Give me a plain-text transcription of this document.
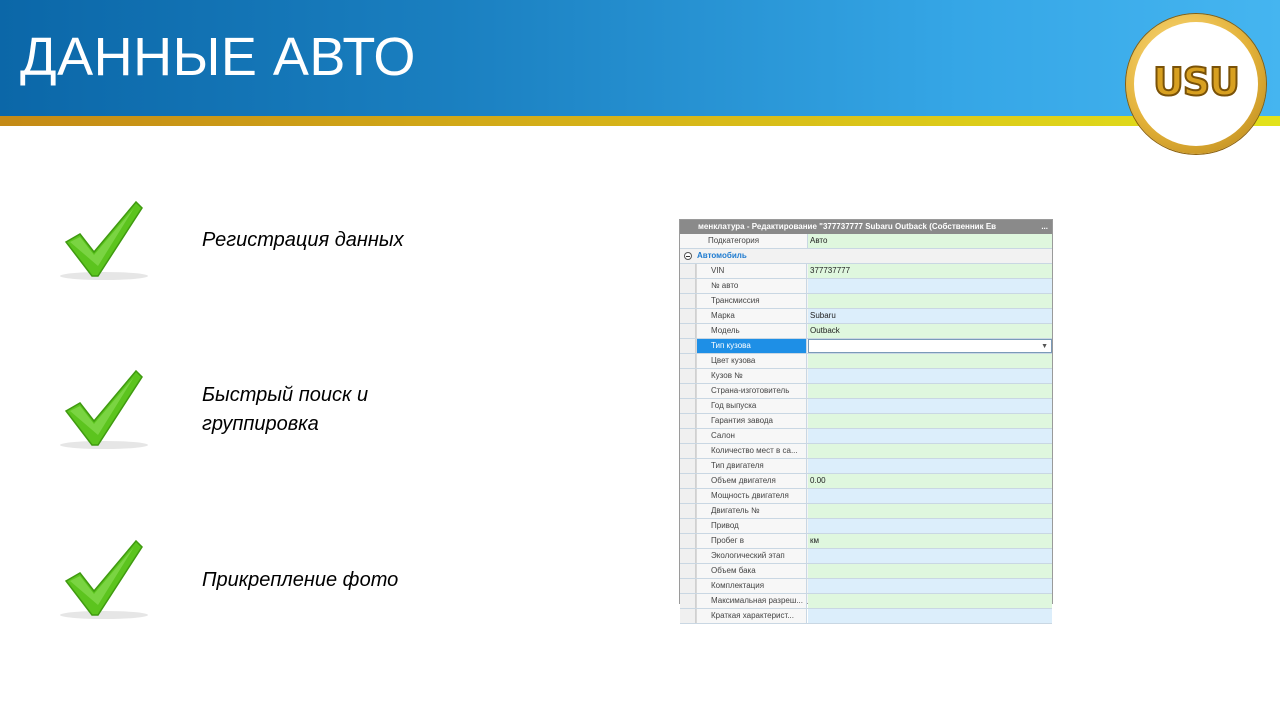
ДАННЫЕ АВТО	USU
Регистрация данных
Быстрый поиск и группировка
Прикрепление фото
менклатура - Редактирование "377737777 Subaru Outback (Собственник Ев	...
Подкатегория	Авто
Автомобиль
VIN	377737777
№ авто
Трансмиссия
Марка	Subaru
Модель	Outback
Тип кузова	▼
Цвет кузова
Кузов №
Страна-изготовитель
Год выпуска
Гарантия завода
Салон
Количество мест в са...
Тип двигателя
Объем двигателя	0.00
Мощность двигателя
Двигатель №
Привод
Пробег в	км
Экологический этап
Объем бака
Комплектация
Максимальная разреш...
Краткая характерист...
